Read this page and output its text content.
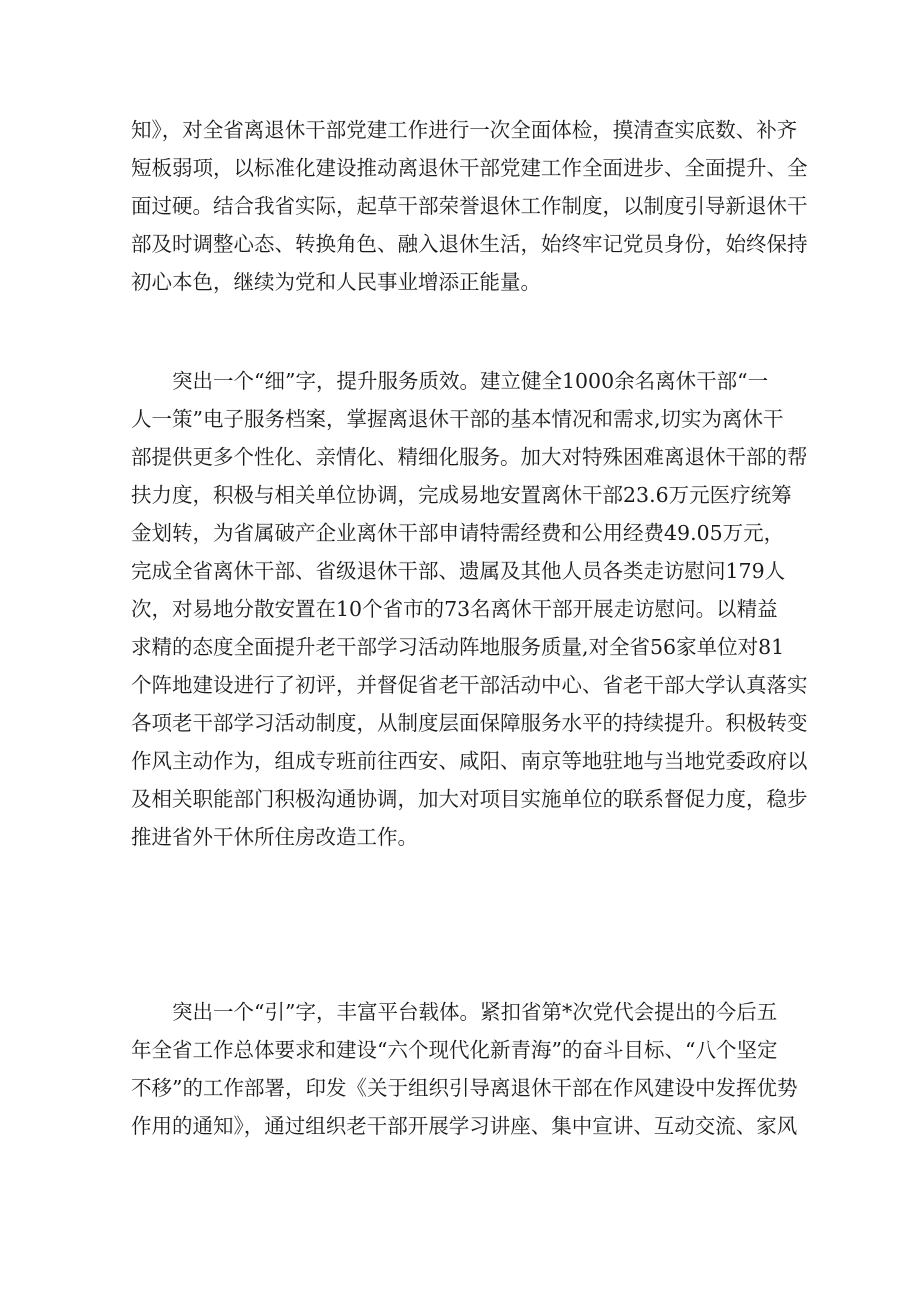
知》，对全省离退休干部党建工作进行一次全面体检，摸清查实底数、补齐
短板弱项，以标准化建设推动离退休干部党建工作全面进步、全面提升、全
面过硬。结合我省实际，起草干部荣誉退休工作制度，以制度引导新退休干
部及时调整心态、转换角色、融入退休生活，始终牢记党员身份，始终保持
初心本色，继续为党和人民事业增添正能量。
突出一个“细”字，提升服务质效。建立健全1000余名离休干部“一
人一策”电子服务档案，掌握离退休干部的基本情况和需求,切实为离休干
部提供更多个性化、亲情化、精细化服务。加大对特殊困难离退休干部的帮
扶力度，积极与相关单位协调，完成易地安置离休干部23.6万元医疗统筹
金划转，为省属破产企业离休干部申请特需经费和公用经费49.05万元，
完成全省离休干部、省级退休干部、遗属及其他人员各类走访慰问179人
次，对易地分散安置在10个省市的73名离休干部开展走访慰问。以精益
求精的态度全面提升老干部学习活动阵地服务质量,对全省56家单位对81
个阵地建设进行了初评，并督促省老干部活动中心、省老干部大学认真落实
各项老干部学习活动制度，从制度层面保障服务水平的持续提升。积极转变
作风主动作为，组成专班前往西安、咸阳、南京等地驻地与当地党委政府以
及相关职能部门积极沟通协调，加大对项目实施单位的联系督促力度，稳步
推进省外干休所住房改造工作。
突出一个“引”字，丰富平台载体。紧扣省第*次党代会提出的今后五
年全省工作总体要求和建设“六个现代化新青海”的奋斗目标、“八个坚定
不移”的工作部署，印发《关于组织引导离退休干部在作风建设中发挥优势
作用的通知》，通过组织老干部开展学习讲座、集中宣讲、互动交流、家风
